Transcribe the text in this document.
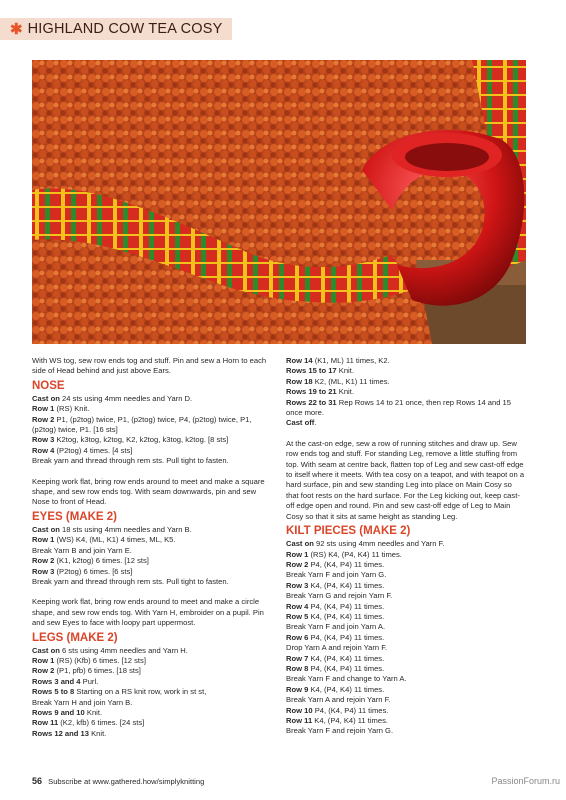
✱ HIGHLAND COW TEA COSY

With WS tog, sew row ends tog and stuff. Pin and sew a Horn to each side of Head behind and just above Ears.

NOSE

Cast on 24 sts using 4mm needles and Yarn D.

Row 1 (RS) Knit.

Row 2 P1, (p2tog) twice, P1, (p2tog) twice, P4, (p2tog) twice, P1, (p2tog) twice, P1. [16 sts]

Row 3 K2tog, k3tog, k2tog, K2, k2tog, k3tog, k2tog. [8 sts]

Row 4 (P2tog) 4 times. [4 sts]

Break yarn and thread through rem sts. Pull tight to fasten.

Keeping work flat, bring row ends around to meet and make a square shape, and sew row ends tog. With seam downwards, pin and sew Nose to front of Head.

EYES (MAKE 2)

Cast on 18 sts using 4mm needles and Yarn B.

Row 1 (WS) K4, (ML, K1) 4 times, ML, K5.

Break Yarn B and join Yarn E.

Row 2 (K1, k2tog) 6 times. [12 sts]

Row 3 (P2tog) 6 times. [6 sts]

Break yarn and thread through rem sts. Pull tight to fasten.

Keeping work flat, bring row ends around to meet and make a circle shape, and sew row ends tog. With Yarn H, embroider on a pupil. Pin and sew Eyes to face with loopy part uppermost.

LEGS (MAKE 2)

Cast on 6 sts using 4mm needles and Yarn H.

Row 1 (RS) (Kfb) 6 times. [12 sts]

Row 2 (P1, pfb) 6 times. [18 sts]

Rows 3 and 4 Purl.

Rows 5 to 8 Starting on a RS knit row, work in st st,

Break Yarn H and join Yarn B.

Rows 9 and 10 Knit.

Row 11 (K2, kfb) 6 times. [24 sts]

Rows 12 and 13 Knit.

Row 14 (K1, ML) 11 times, K2.

Rows 15 to 17 Knit.

Row 18 K2, (ML, K1) 11 times.

Rows 19 to 21 Knit.

Rows 22 to 31 Rep Rows 14 to 21 once, then rep Rows 14 and 15 once more.

Cast off.

At the cast-on edge, sew a row of running stitches and draw up. Sew row ends tog and stuff. For standing Leg, remove a little stuffing from top. With seam at centre back, flatten top of Leg and sew cast-off edge to itself where it meets. With tea cosy on a teapot, and with teapot on a hard surface, pin and sew standing Leg into place on Main Cosy so that foot rests on the hard surface. For the Leg kicking out, keep cast-off edge open and round. Pin and sew cast-off edge of Leg to Main Cosy so that it sits at same height as standing Leg.

KILT PIECES (MAKE 2)

Cast on 92 sts using 4mm needles and Yarn F.

Row 1 (RS) K4, (P4, K4) 11 times.

Row 2 P4, (K4, P4) 11 times.

Break Yarn F and join Yarn G.

Row 3 K4, (P4, K4) 11 times.

Break Yarn G and rejoin Yarn F.

Row 4 P4, (K4, P4) 11 times.

Row 5 K4, (P4, K4) 11 times.

Break Yarn F and join Yarn A.

Row 6 P4, (K4, P4) 11 times.

Drop Yarn A and rejoin Yarn F.

Row 7 K4, (P4, K4) 11 times.

Row 8 P4, (K4, P4) 11 times.

Break Yarn F and change to Yarn A.

Row 9 K4, (P4, K4) 11 times.

Break Yarn A and rejoin Yarn F.

Row 10 P4, (K4, P4) 11 times.

Row 11 K4, (P4, K4) 11 times.

Break Yarn F and rejoin Yarn G.

56 Subscribe at www.gathered.how/simplyknitting	PassionForum.ru
